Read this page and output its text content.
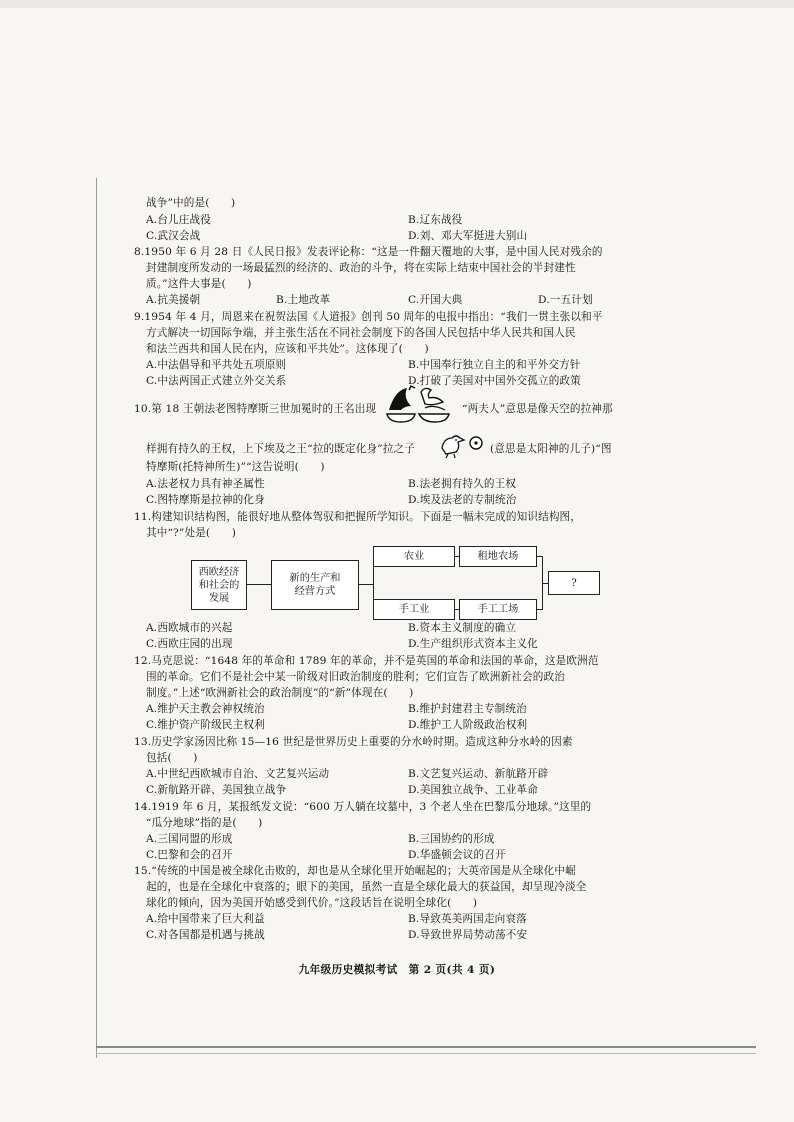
战争”中的是(　　)
A.台儿庄战役	B.辽东战役
C.武汉会战	D.刘、邓大军挺进大别山
8.1950 年 6 月 28 日《人民日报》发表评论称：“这是一件翻天覆地的大事，是中国人民对残余的
封建制度所发动的一场最猛烈的经济的、政治的斗争，将在实际上结束中国社会的半封建性
质。”这件大事是(　　)
A.抗美援朝	B.土地改革	C.开国大典	D.一五计划
9.1954 年 4 月，周恩来在祝贺法国《人道报》创刊 50 周年的电报中指出：“我们一贯主张以和平
方式解决一切国际争端，并主张生活在不同社会制度下的各国人民包括中华人民共和国人民
和法兰西共和国人民在内，应该和平共处”。这体现了(　　)
A.中法倡导和平共处五项原则	B.中国奉行独立自主的和平外交方针
C.中法两国正式建立外交关系	D.打破了美国对中国外交孤立的政策
10.第 18 王朝法老图特摩斯三世加冕时的王名出现	“两夫人”意思是像天空的拉神那
样拥有持久的王权，上下埃及之王“拉的既定化身”拉之子	(意思是太阳神的儿子)“图
特摩斯(托特神所生)”“这告说明(　　)
A.法老权力具有神圣属性	B.法老拥有持久的王权
C.图特摩斯是拉神的化身	D.埃及法老的专制统治
11.构建知识结构图，能很好地从整体驾驭和把握所学知识。下面是一幅未完成的知识结构图，
其中“?”处是(　　)
西欧经济
和社会的
发展
新的生产和
经营方式
农业	租地农场
手工业	手工工场
?
A.西欧城市的兴起	B.资本主义制度的确立
C.西欧庄园的出现	D.生产组织形式资本主义化
12.马克思说：“1648 年的革命和 1789 年的革命，并不是英国的革命和法国的革命，这是欧洲范
围的革命。它们不是社会中某一阶级对旧政治制度的胜利；它们宣告了欧洲新社会的政治
制度。”上述“欧洲新社会的政治制度”的“新”体现在(　　)
A.维护天主教会神权统治	B.维护封建君主专制统治
C.维护资产阶级民主权利	D.维护工人阶级政治权利
13.历史学家汤因比称 15—16 世纪是世界历史上重要的分水岭时期。造成这种分水岭的因素
包括(　　)
A.中世纪西欧城市自治、文艺复兴运动	B.文艺复兴运动、新航路开辟
C.新航路开辟、美国独立战争	D.美国独立战争、工业革命
14.1919 年 6 月，某报纸发文说：“600 万人躺在坟墓中，3 个老人坐在巴黎瓜分地球。”这里的
“瓜分地球”指的是(　　)
A.三国同盟的形成	B.三国协约的形成
C.巴黎和会的召开	D.华盛顿会议的召开
15.“传统的中国是被全球化击败的，却也是从全球化里开始崛起的；大英帝国是从全球化中崛
起的，也是在全球化中衰落的；眼下的美国，虽然一直是全球化最大的获益国，却呈现冷淡全
球化的倾向，因为美国开始感受到代价。”这段话旨在说明全球化(　　)
A.给中国带来了巨大利益	B.导致英美两国走向衰落
C.对各国都是机遇与挑战	D.导致世界局势动荡不安
九年级历史模拟考试　第 2 页(共 4 页)
